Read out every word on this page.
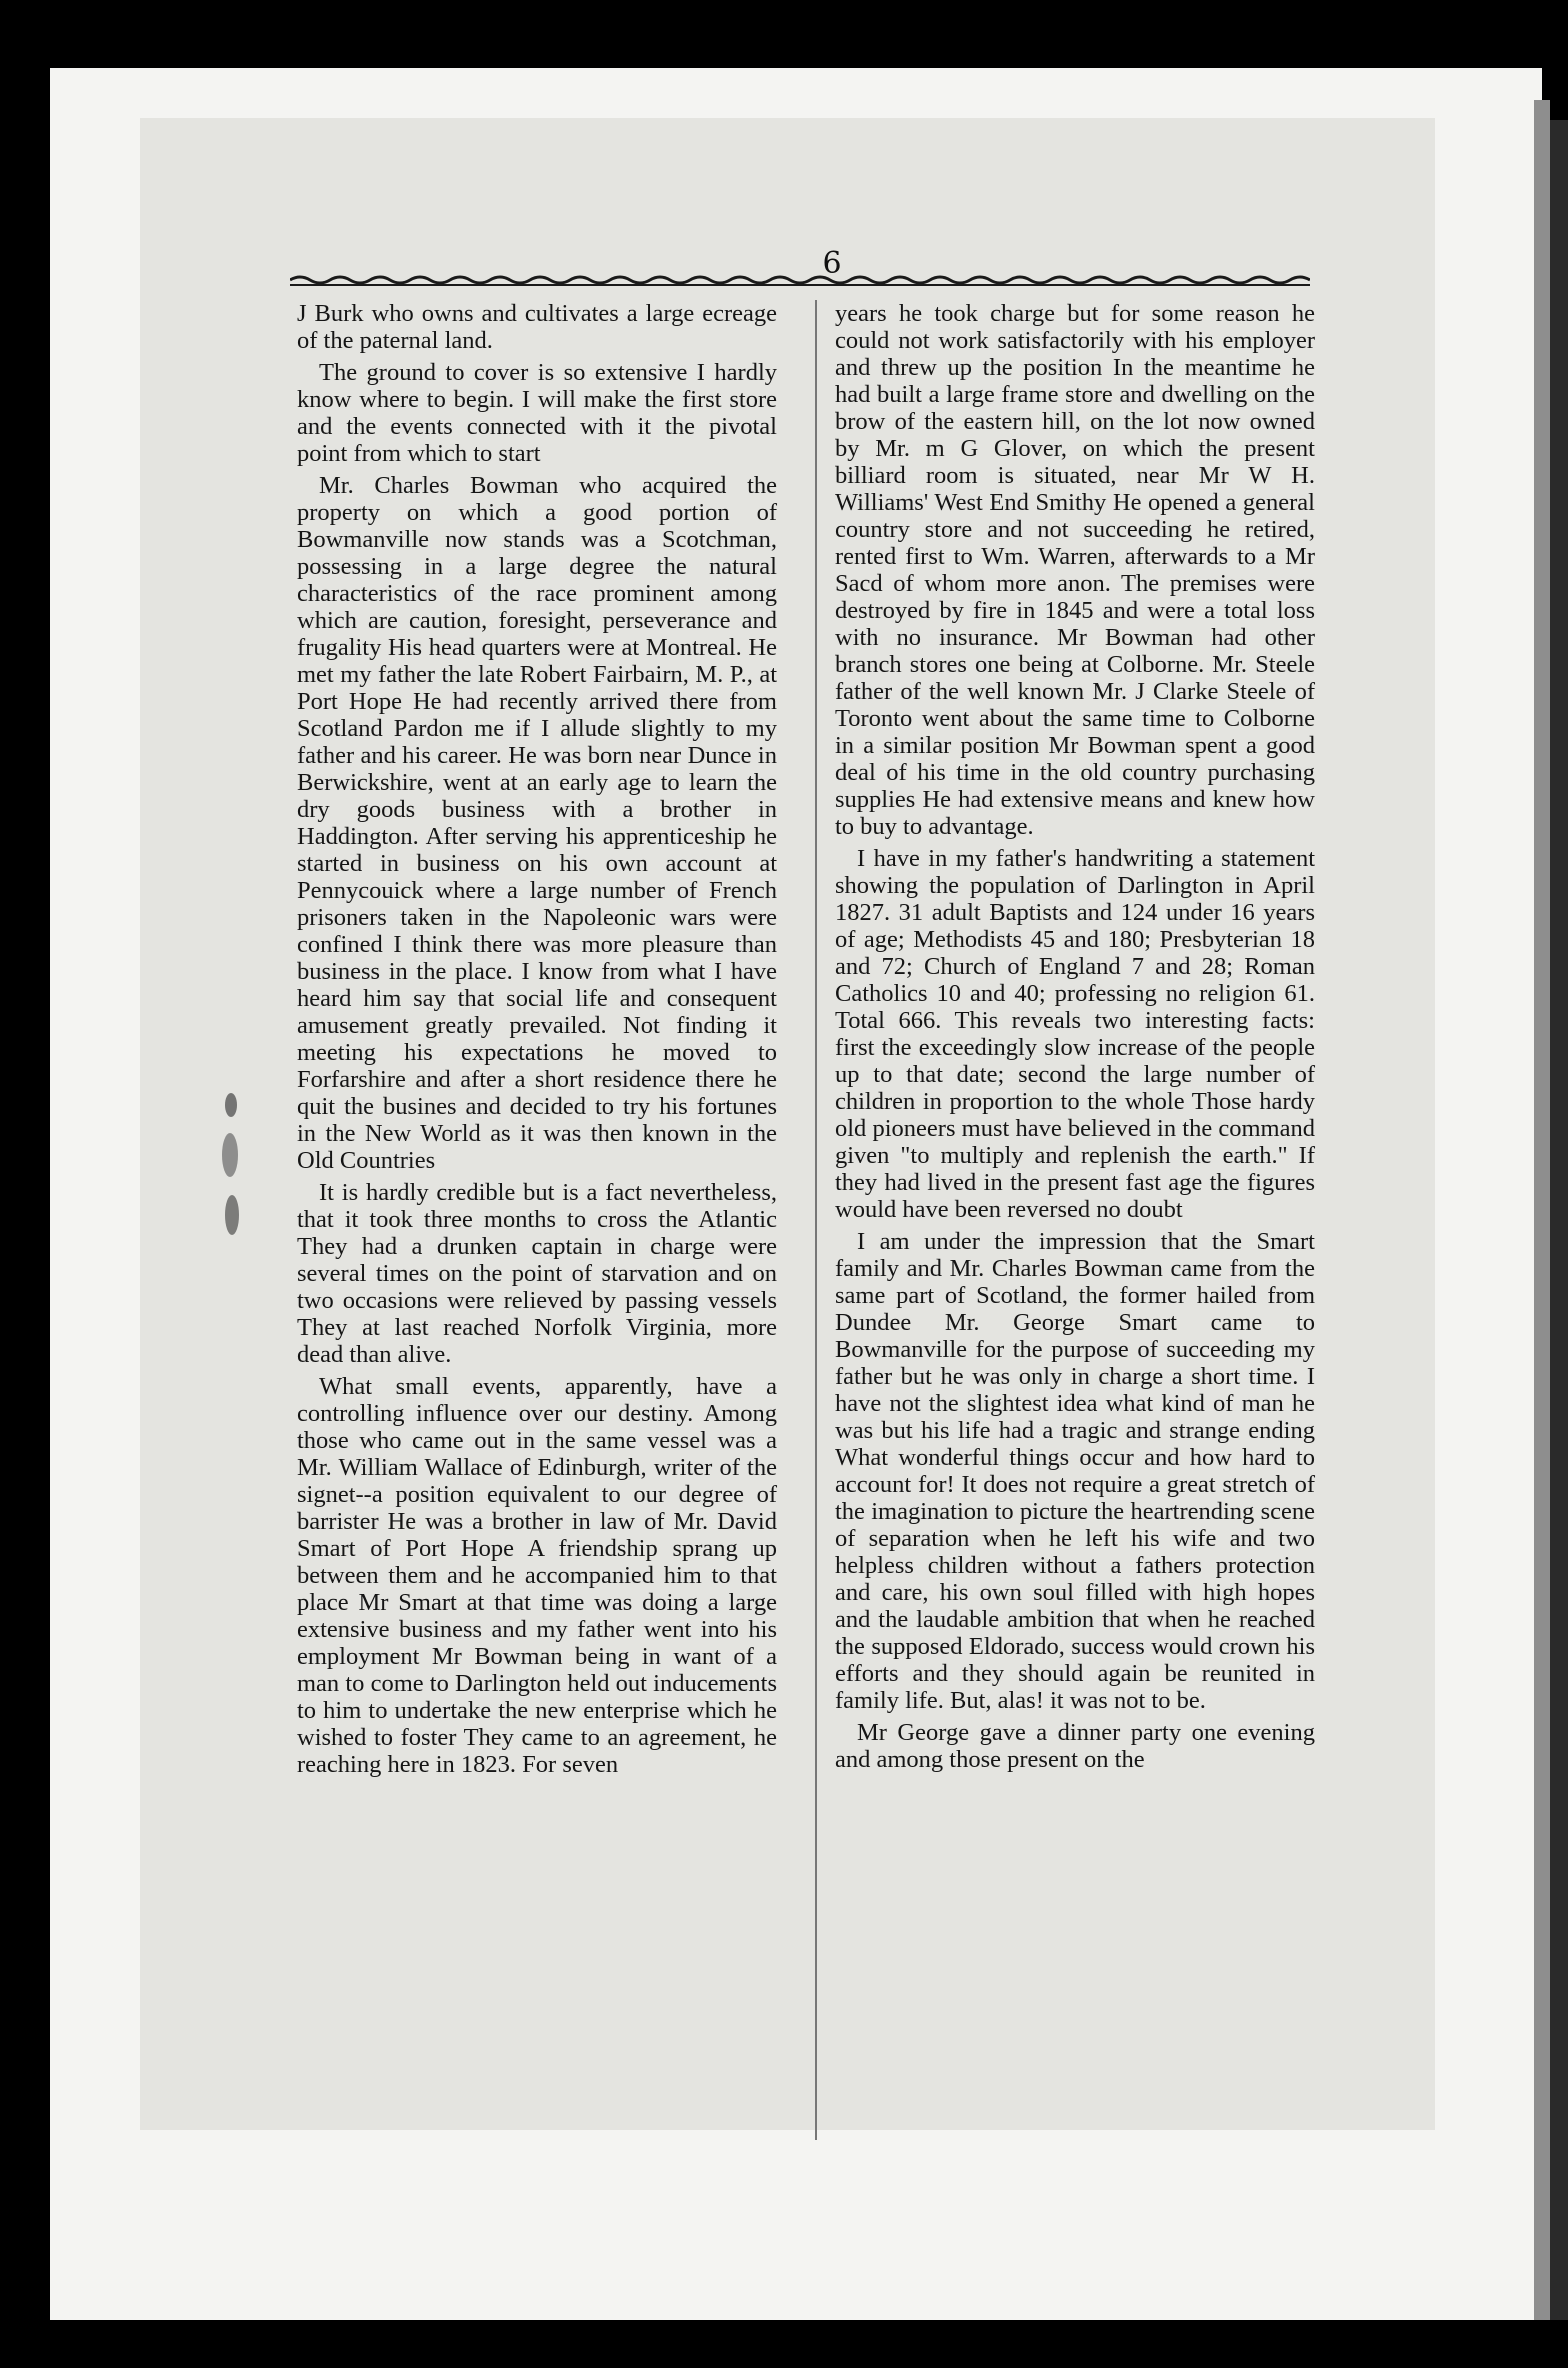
6

J Burk who owns and cultivates a large ecreage of the paternal land.

The ground to cover is so extensive I hardly know where to begin. I will make the first store and the events connected with it the pivotal point from which to start

Mr. Charles Bowman who acquired the property on which a good portion of Bowmanville now stands was a Scotchman, possessing in a large degree the natural characteristics of the race prominent among which are caution, foresight, perseverance and frugality His head quarters were at Montreal. He met my father the late Robert Fairbairn, M. P., at Port Hope He had recently arrived there from Scotland Pardon me if I allude slightly to my father and his career. He was born near Dunce in Berwickshire, went at an early age to learn the dry goods business with a brother in Haddington. After serving his apprenticeship he started in business on his own account at Pennycouick where a large number of French prisoners taken in the Napoleonic wars were confined I think there was more pleasure than business in the place. I know from what I have heard him say that social life and consequent amusement greatly prevailed. Not finding it meeting his expectations he moved to Forfarshire and after a short residence there he quit the busines and decided to try his fortunes in the New World as it was then known in the Old Countries

It is hardly credible but is a fact nevertheless, that it took three months to cross the Atlantic They had a drunken captain in charge were several times on the point of starvation and on two occasions were relieved by passing vessels They at last reached Norfolk Virginia, more dead than alive.

What small events, apparently, have a controlling influence over our destiny. Among those who came out in the same vessel was a Mr. William Wallace of Edinburgh, writer of the signet--a position equivalent to our degree of barrister He was a brother in law of Mr. David Smart of Port Hope A friendship sprang up between them and he accompanied him to that place Mr Smart at that time was doing a large extensive business and my father went into his employment Mr Bowman being in want of a man to come to Darlington held out inducements to him to undertake the new enterprise which he wished to foster They came to an agreement, he reaching here in 1823. For seven

years he took charge but for some reason he could not work satisfactorily with his employer and threw up the position In the meantime he had built a large frame store and dwelling on the brow of the eastern hill, on the lot now owned by Mr. m G Glover, on which the present billiard room is situated, near Mr W H. Williams' West End Smithy He opened a general country store and not succeeding he retired, rented first to Wm. Warren, afterwards to a Mr Sacd of whom more anon. The premises were destroyed by fire in 1845 and were a total loss with no insurance. Mr Bowman had other branch stores one being at Colborne. Mr. Steele father of the well known Mr. J Clarke Steele of Toronto went about the same time to Colborne in a similar position Mr Bowman spent a good deal of his time in the old country purchasing supplies He had extensive means and knew how to buy to advantage.

I have in my father's handwriting a statement showing the population of Darlington in April 1827. 31 adult Baptists and 124 under 16 years of age; Methodists 45 and 180; Presbyterian 18 and 72; Church of England 7 and 28; Roman Catholics 10 and 40; professing no religion 61. Total 666. This reveals two interesting facts: first the exceedingly slow increase of the people up to that date; second the large number of children in proportion to the whole Those hardy old pioneers must have believed in the command given "to multiply and replenish the earth." If they had lived in the present fast age the figures would have been reversed no doubt

I am under the impression that the Smart family and Mr. Charles Bowman came from the same part of Scotland, the former hailed from Dundee Mr. George Smart came to Bowmanville for the purpose of succeeding my father but he was only in charge a short time. I have not the slightest idea what kind of man he was but his life had a tragic and strange ending What wonderful things occur and how hard to account for! It does not require a great stretch of the imagination to picture the heartrending scene of separation when he left his wife and two helpless children without a fathers protection and care, his own soul filled with high hopes and the laudable ambition that when he reached the supposed Eldorado, success would crown his efforts and they should again be reunited in family life. But, alas! it was not to be.

Mr George gave a dinner party one evening and among those present on the
